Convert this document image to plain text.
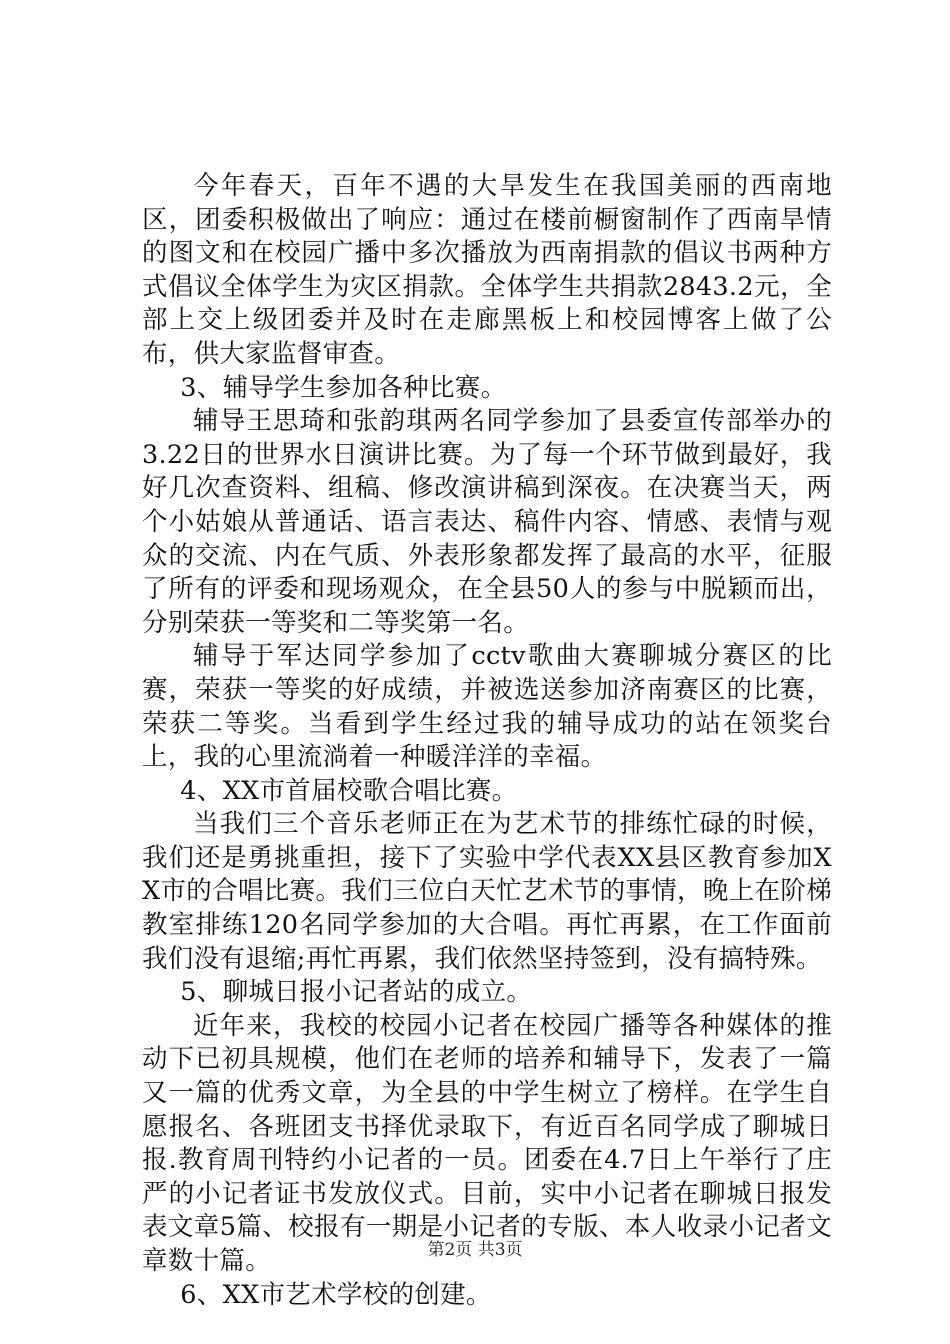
今年春天，百年不遇的大旱发生在我国美丽的西南地区，团委积极做出了响应：通过在楼前橱窗制作了西南旱情的图文和在校园广播中多次播放为西南捐款的倡议书两种方式倡议全体学生为灾区捐款。全体学生共捐款2843.2元，全部上交上级团委并及时在走廊黑板上和校园博客上做了公布，供大家监督审查。

3、辅导学生参加各种比赛。

辅导王思琦和张韵琪两名同学参加了县委宣传部举办的3.22日的世界水日演讲比赛。为了每一个环节做到最好，我好几次查资料、组稿、修改演讲稿到深夜。在决赛当天，两个小姑娘从普通话、语言表达、稿件内容、情感、表情与观众的交流、内在气质、外表形象都发挥了最高的水平，征服了所有的评委和现场观众，在全县50人的参与中脱颖而出，分别荣获一等奖和二等奖第一名。

辅导于军达同学参加了cctv歌曲大赛聊城分赛区的比赛，荣获一等奖的好成绩，并被选送参加济南赛区的比赛，荣获二等奖。当看到学生经过我的辅导成功的站在领奖台上，我的心里流淌着一种暖洋洋的幸福。

4、XX市首届校歌合唱比赛。

当我们三个音乐老师正在为艺术节的排练忙碌的时候，我们还是勇挑重担，接下了实验中学代表XX县区教育参加XX市的合唱比赛。我们三位白天忙艺术节的事情，晚上在阶梯教室排练120名同学参加的大合唱。再忙再累，在工作面前我们没有退缩;再忙再累，我们依然坚持签到，没有搞特殊。

5、聊城日报小记者站的成立。

近年来，我校的校园小记者在校园广播等各种媒体的推动下已初具规模，他们在老师的培养和辅导下，发表了一篇又一篇的优秀文章，为全县的中学生树立了榜样。在学生自愿报名、各班团支书择优录取下，有近百名同学成了聊城日报.教育周刊特约小记者的一员。团委在4.7日上午举行了庄严的小记者证书发放仪式。目前，实中小记者在聊城日报发表文章5篇、校报有一期是小记者的专版、本人收录小记者文章数十篇。

6、XX市艺术学校的创建。

第2页 共3页
